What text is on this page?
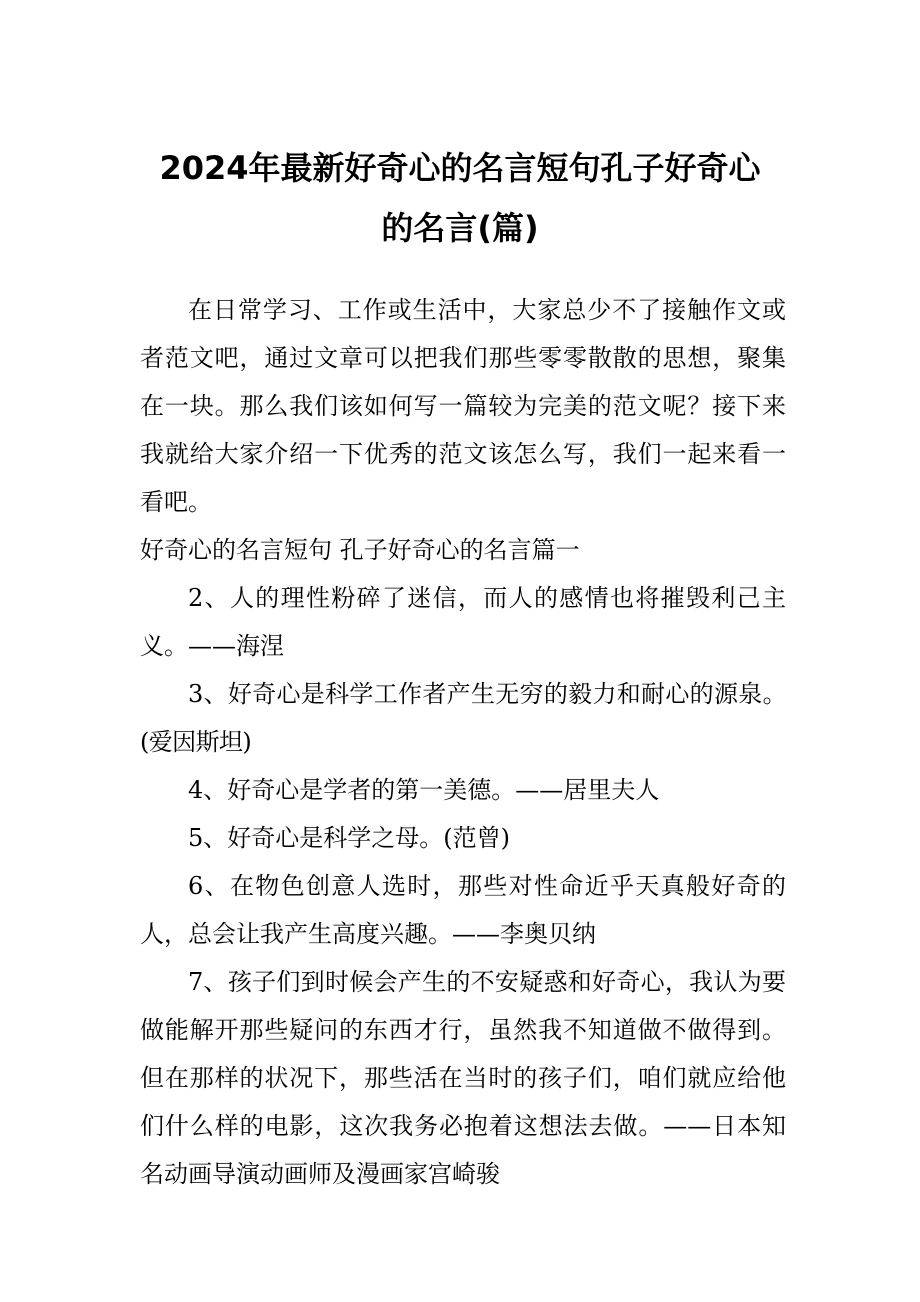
2024年最新好奇心的名言短句孔子好奇心
的名言(篇)

在日常学习、工作或生活中，大家总少不了接触作文或者范文吧，通过文章可以把我们那些零零散散的思想，聚集在一块。那么我们该如何写一篇较为完美的范文呢？接下来我就给大家介绍一下优秀的范文该怎么写，我们一起来看一看吧。

好奇心的名言短句 孔子好奇心的名言篇一

2、人的理性粉碎了迷信，而人的感情也将摧毁利己主义。——海涅

3、好奇心是科学工作者产生无穷的毅力和耐心的源泉。(爱因斯坦)

4、好奇心是学者的第一美德。——居里夫人

5、好奇心是科学之母。(范曾)

6、在物色创意人选时，那些对性命近乎天真般好奇的人，总会让我产生高度兴趣。——李奥贝纳

7、孩子们到时候会产生的不安疑惑和好奇心，我认为要做能解开那些疑问的东西才行，虽然我不知道做不做得到。但在那样的状况下，那些活在当时的孩子们，咱们就应给他们什么样的电影，这次我务必抱着这想法去做。——日本知名动画导演动画师及漫画家宫崎骏
